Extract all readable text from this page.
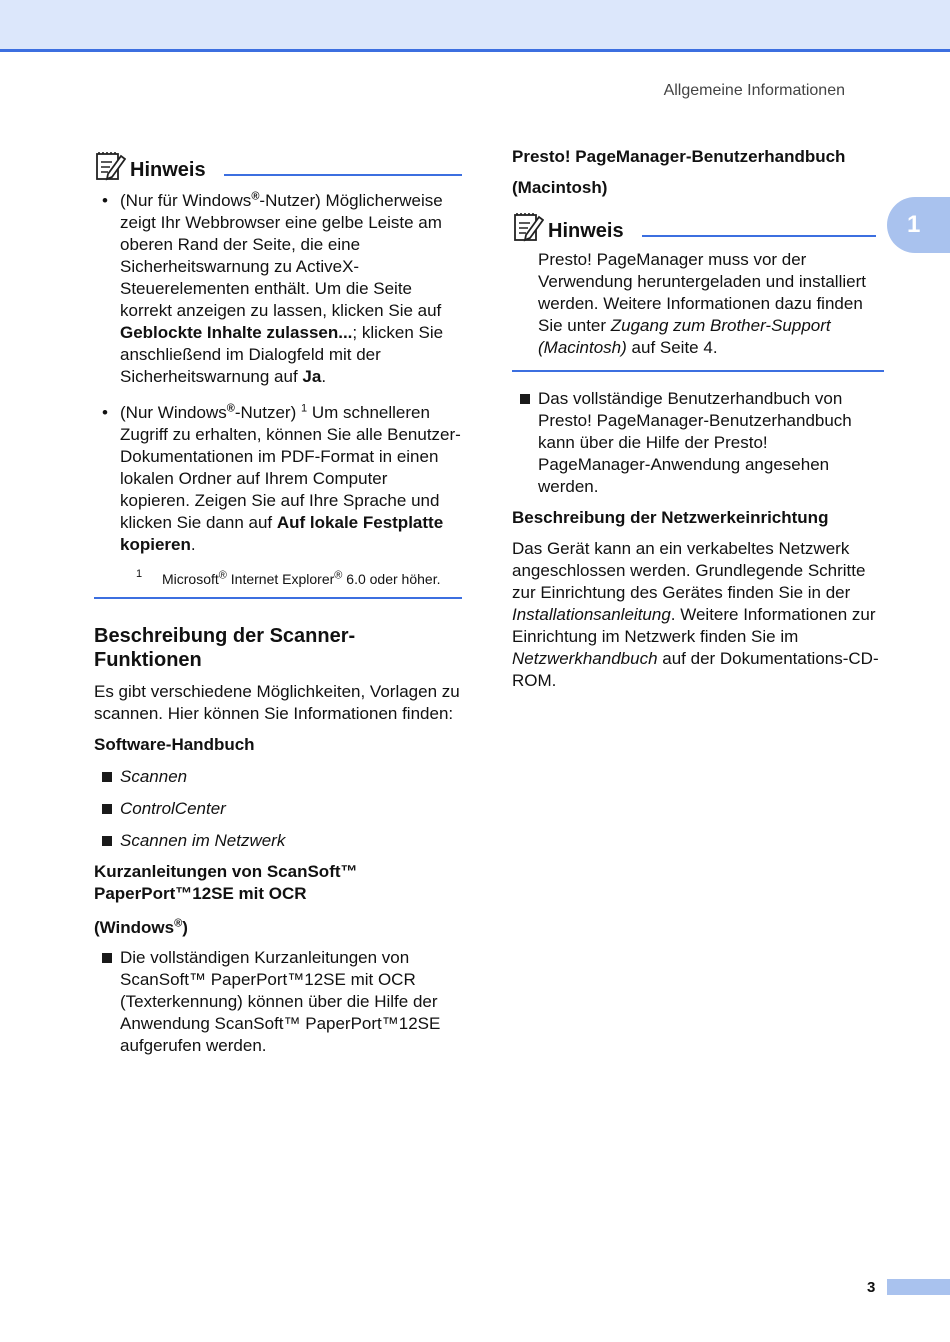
Allgemeine Informationen
1
Hinweis
• (Nur für Windows®-Nutzer) Möglicherweise zeigt Ihr Webbrowser eine gelbe Leiste am oberen Rand der Seite, die eine Sicherheitswarnung zu ActiveX-Steuerelementen enthält. Um die Seite korrekt anzeigen zu lassen, klicken Sie auf Geblockte Inhalte zulassen...; klicken Sie anschließend im Dialogfeld mit der Sicherheitswarnung auf Ja.
• (Nur Windows®-Nutzer) $^1$ Um schnelleren Zugriff zu erhalten, können Sie alle Benutzer-Dokumentationen im PDF-Format in einen lokalen Ordner auf Ihrem Computer kopieren. Zeigen Sie auf Ihre Sprache und klicken Sie dann auf Auf lokale Festplatte kopieren.
1 Microsoft® Internet Explorer® 6.0 oder höher.
Beschreibung der Scanner-Funktionen

Es gibt verschiedene Möglichkeiten, Vorlagen zu scannen. Hier können Sie Informationen finden:

Software-Handbuch
Scannen
ControlCenter
Scannen im Netzwerk
Kurzanleitungen von ScanSoft™ PaperPort™12SE mit OCR
(Windows®)
Die vollständigen Kurzanleitungen von ScanSoft™ PaperPort™12SE mit OCR (Texterkennung) können über die Hilfe der Anwendung ScanSoft™ PaperPort™12SE aufgerufen werden.
Presto! PageManager-Benutzerhandbuch
(Macintosh)
Hinweis

Presto! PageManager muss vor der Verwendung heruntergeladen und installiert werden. Weitere Informationen dazu finden Sie unter Zugang zum Brother-Support (Macintosh) auf Seite 4.

Das vollständige Benutzerhandbuch von Presto! PageManager-Benutzerhandbuch kann über die Hilfe der Presto! PageManager-Anwendung angesehen werden.
Beschreibung der Netzwerkeinrichtung

Das Gerät kann an ein verkabeltes Netzwerk angeschlossen werden. Grundlegende Schritte zur Einrichtung des Gerätes finden Sie in der Installationsanleitung. Weitere Informationen zur Einrichtung im Netzwerk finden Sie im Netzwerkhandbuch auf der Dokumentations-CD-ROM.

3
